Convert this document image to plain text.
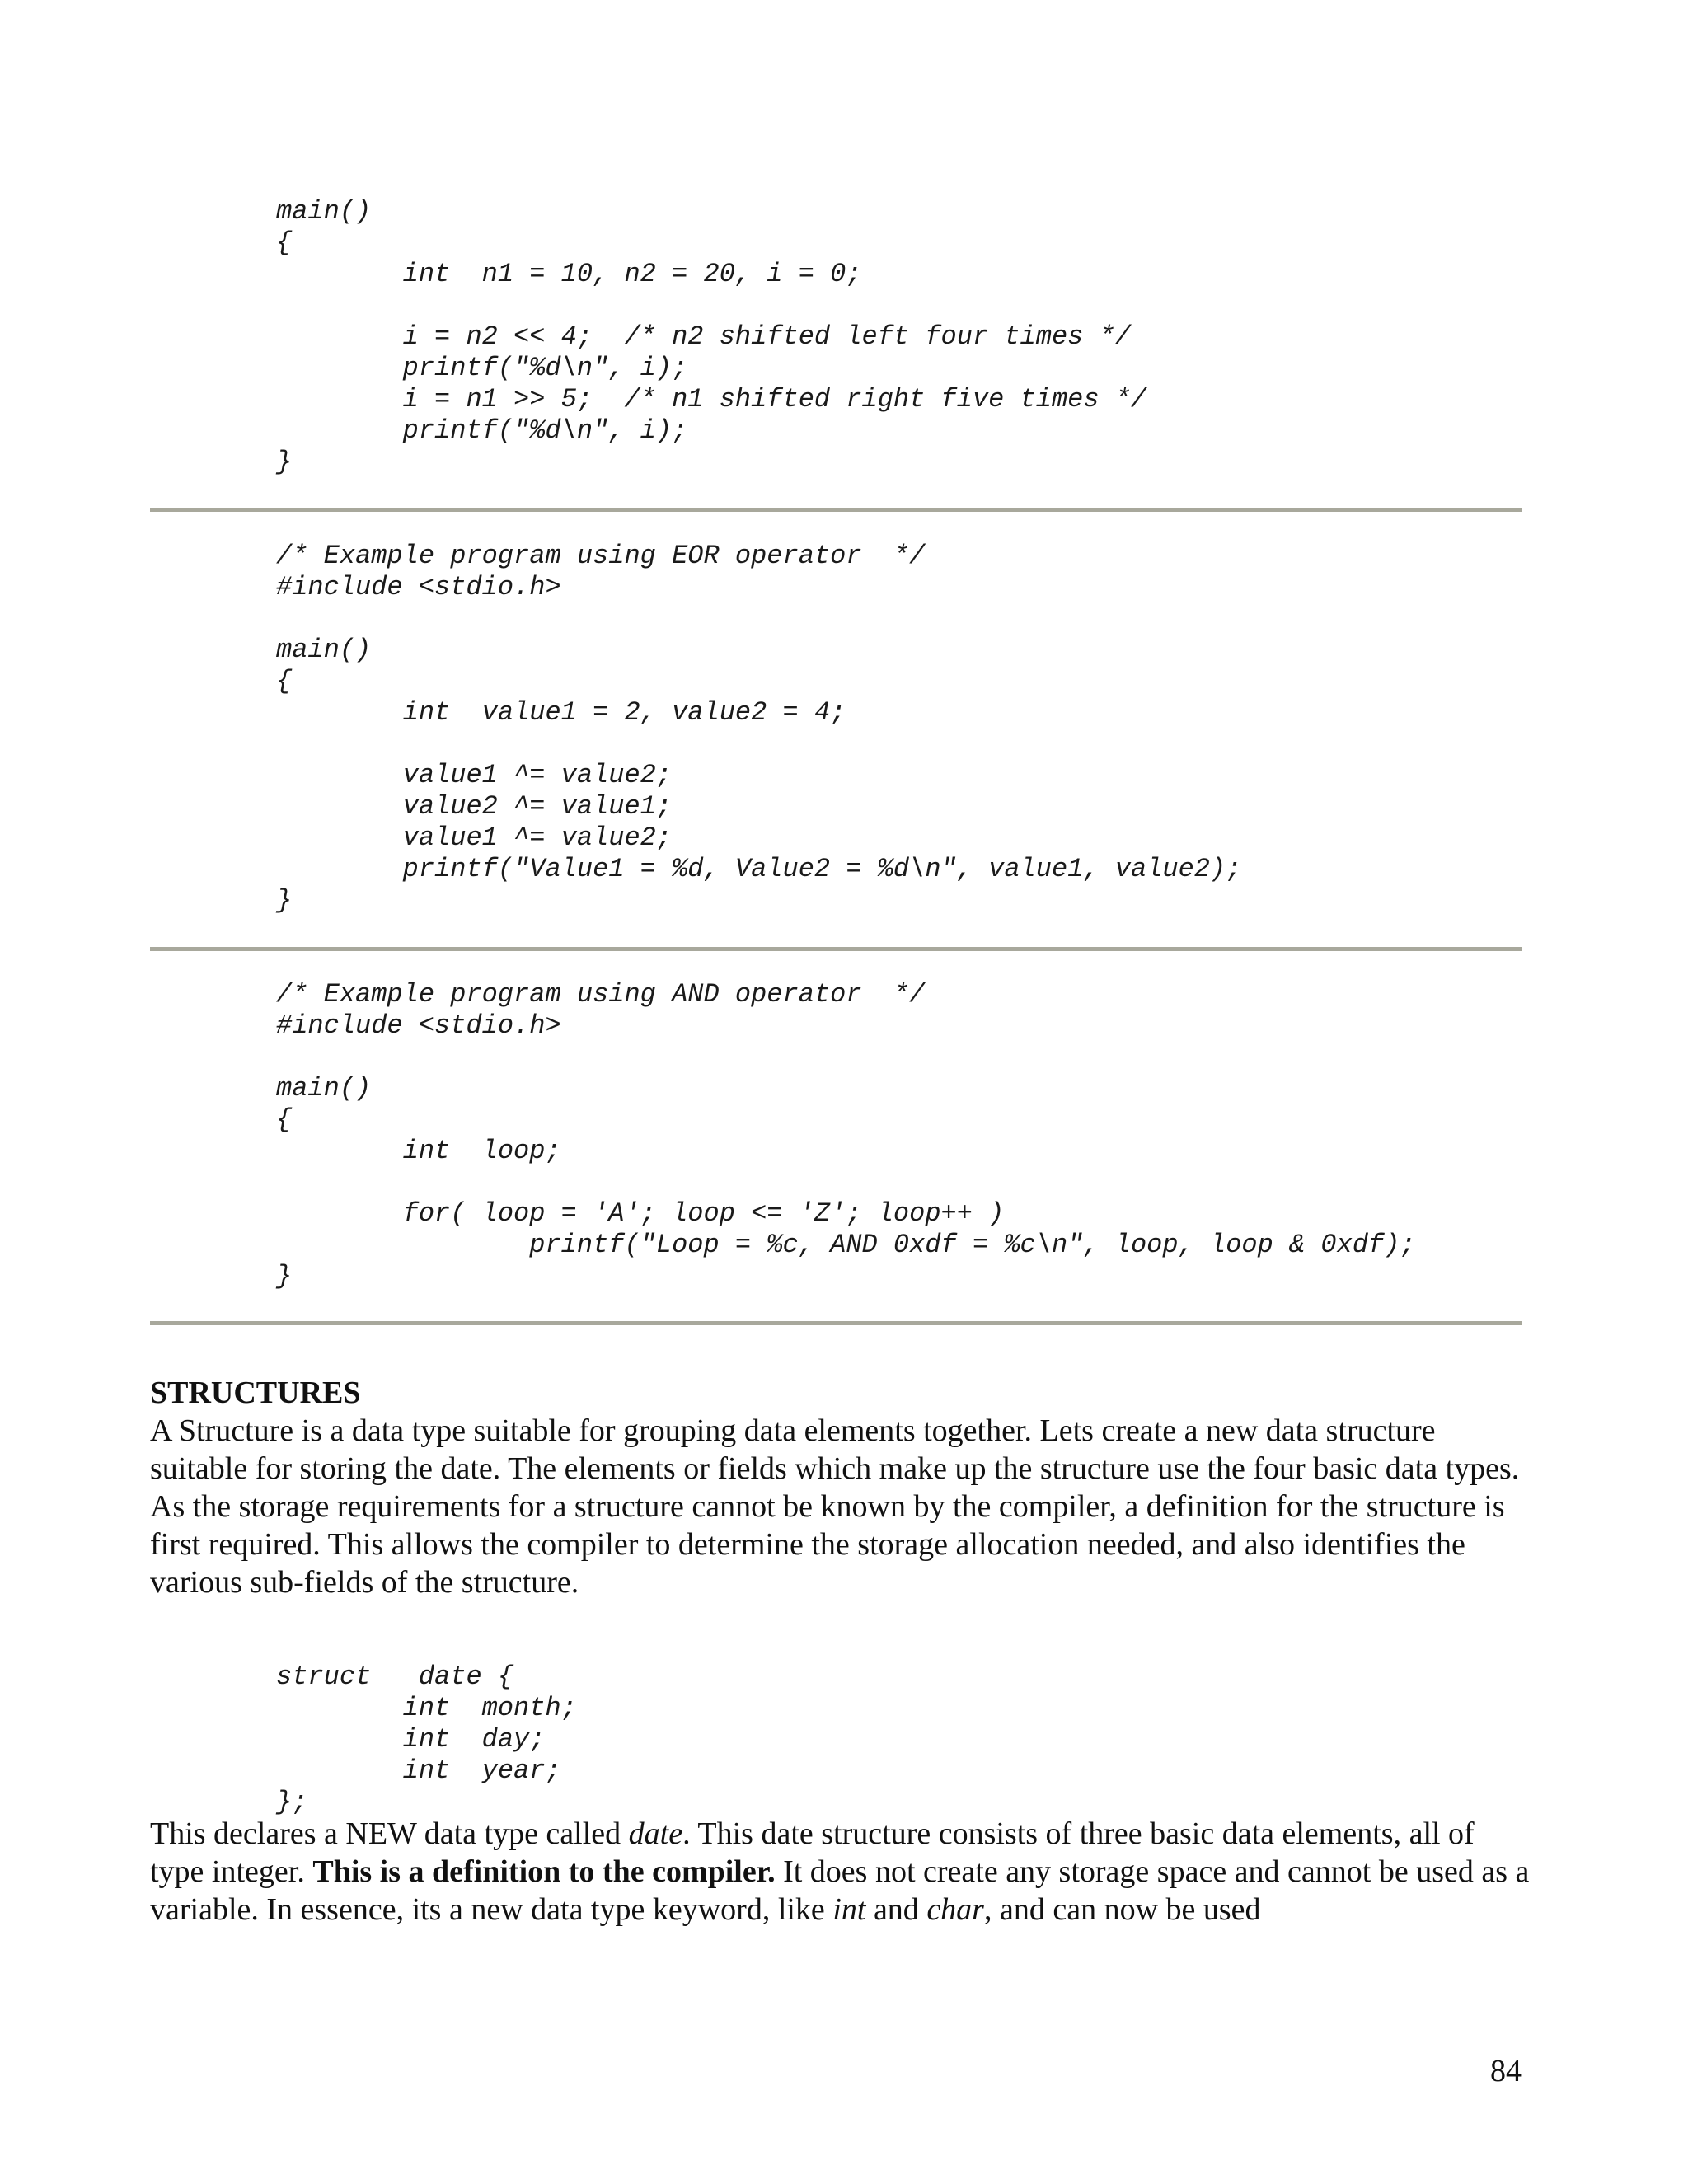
main()
{
int  n1 = 10, n2 = 20, i = 0;

i = n2 << 4;  /* n2 shifted left four times */
printf("%d\n", i);
i = n1 >> 5;  /* n1 shifted right five times */
printf("%d\n", i);
}
/* Example program using EOR operator  */
#include <stdio.h>

main()
{
int  value1 = 2, value2 = 4;

value1 ^= value2;
value2 ^= value1;
value1 ^= value2;
printf("Value1 = %d, Value2 = %d\n", value1, value2);
}
/* Example program using AND operator  */
#include <stdio.h>

main()
{
int  loop;

for( loop = 'A'; loop <= 'Z'; loop++ )
printf("Loop = %c, AND 0xdf = %c\n", loop, loop & 0xdf);
}
STRUCTURES

A Structure is a data type suitable for grouping data elements together. Lets create a new data structure suitable for storing the date. The elements or fields which make up the structure use the four basic data types. As the storage requirements for a structure cannot be known by the compiler, a definition for the structure is first required. This allows the compiler to determine the storage allocation needed, and also identifies the various sub-fields of the structure.

struct   date {
int  month;
int  day;
int  year;
};

This declares a NEW data type called date. This date structure consists of three basic data elements, all of type integer. This is a definition to the compiler. It does not create any storage space and cannot be used as a variable. In essence, its a new data type keyword, like int and char, and can now be used

84
